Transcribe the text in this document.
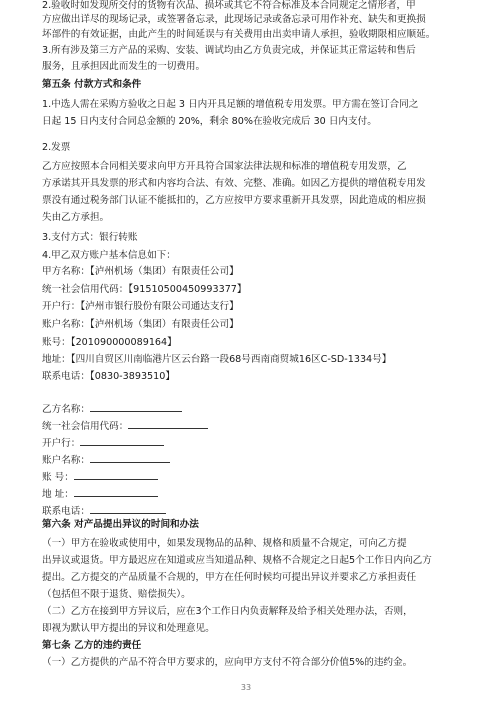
2.验收时如发现所交付的货物有次品、损坏或其它不符合标准及本合同规定之情形者，甲
方应做出详尽的现场记录，或签署备忘录，此现场记录或备忘录可用作补充、缺失和更换损
坏部件的有效证据，由此产生的时间延误与有关费用由出卖申请人承担，验收期限相应顺延。
3.所有涉及第三方产品的采购、安装、调试均由乙方负责完成，并保证其正常运转和售后
服务，且承担因此而发生的一切费用。
第五条 付款方式和条件
1.中选人需在采购方验收之日起 3 日内开具足额的增值税专用发票。甲方需在签订合同之
日起 15 日内支付合同总金额的 20%，剩余 80%在验收完成后 30 日内支付。
2.发票
乙方应按照本合同相关要求向甲方开具符合国家法律法规和标准的增值税专用发票，乙
方承诺其开具发票的形式和内容均合法、有效、完整、准确。如因乙方提供的增值税专用发
票没有通过税务部门认证不能抵扣的，乙方应按甲方要求重新开具发票，因此造成的相应损
失由乙方承担。
3.支付方式：银行转账
4.甲乙双方账户基本信息如下：
甲方名称：【泸州机场（集团）有限责任公司】
统一社会信用代码：【91510500450993377】
开户行：【泸州市银行股份有限公司通达支行】
账户名称：【泸州机场（集团）有限责任公司】
账号：【201090000089164】
地址：【四川自贸区川南临港片区云台路一段68号西南商贸城16区C-SD-1334号】
联系电话：【0830-3893510】
乙方名称：
统一社会信用代码：
开户行：
账户名称：
账 号：
地 址：
联系电话：
第六条 对产品提出异议的时间和办法
（一）甲方在验收或使用中，如果发现物品的品种、规格和质量不合规定，可向乙方提
出异议或退货。甲方最迟应在知道或应当知道品种、规格不合规定之日起5个工作日内向乙方
提出。乙方提交的产品质量不合规的，甲方在任何时候均可提出异议并要求乙方承担责任
（包括但不限于退货、赔偿损失）。
（二）乙方在接到甲方异议后，应在3个工作日内负责解释及给予相关处理办法，否则，
即视为默认甲方提出的异议和处理意见。
第七条 乙方的违约责任
（一）乙方提供的产品不符合甲方要求的，应向甲方支付不符合部分价值5%的违约金。
33
